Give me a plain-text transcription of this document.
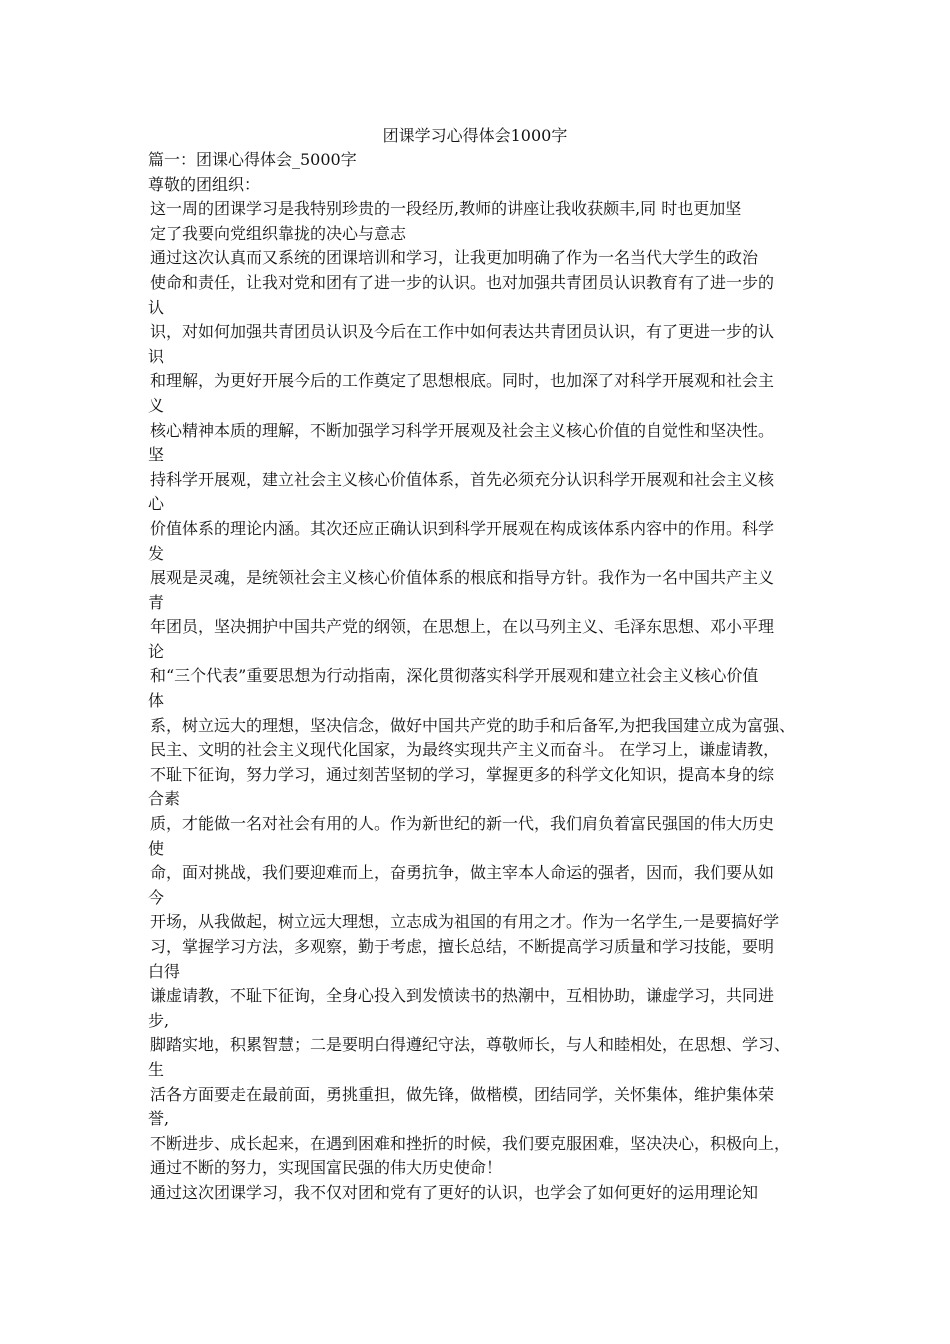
团课学习心得体会1000字
篇一：团课心得体会_5000字
尊敬的团组织：
这一周的团课学习是我特别珍贵的一段经历,教师的讲座让我收获颇丰,同 时也更加坚
定了我要向党组织靠拢的决心与意志
通过这次认真而又系统的团课培训和学习，让我更加明确了作为一名当代大学生的政治
使命和责任，让我对党和团有了进一步的认识。也对加强共青团员认识教育有了进一步的
认
识，对如何加强共青团员认识及今后在工作中如何表达共青团员认识，有了更进一步的认
识
和理解，为更好开展今后的工作奠定了思想根底。同时，也加深了对科学开展观和社会主
义
核心精神本质的理解，不断加强学习科学开展观及社会主义核心价值的自觉性和坚决性。
坚
持科学开展观，建立社会主义核心价值体系，首先必须充分认识科学开展观和社会主义核
心
价值体系的理论内涵。其次还应正确认识到科学开展观在构成该体系内容中的作用。科学
发
展观是灵魂，是统领社会主义核心价值体系的根底和指导方针。我作为一名中国共产主义
青
年团员，坚决拥护中国共产党的纲领，在思想上，在以马列主义、毛泽东思想、邓小平理
论
和“三个代表”重要思想为行动指南，深化贯彻落实科学开展观和建立社会主义核心价值
体
系，树立远大的理想，坚决信念，做好中国共产党的助手和后备军,为把我国建立成为富强、
民主、文明的社会主义现代化国家，为最终实现共产主义而奋斗。 在学习上，谦虚请教，
不耻下征询，努力学习，通过刻苦坚韧的学习，掌握更多的科学文化知识，提高本身的综
合素
质，才能做一名对社会有用的人。作为新世纪的新一代，我们肩负着富民强国的伟大历史
使
命，面对挑战，我们要迎难而上，奋勇抗争，做主宰本人命运的强者，因而，我们要从如
今
开场，从我做起，树立远大理想，立志成为祖国的有用之才。作为一名学生,一是要搞好学
习，掌握学习方法，多观察，勤于考虑，擅长总结，不断提高学习质量和学习技能，要明
白得
谦虚请教，不耻下征询，全身心投入到发愤读书的热潮中，互相协助，谦虚学习，共同进
步,
脚踏实地，积累智慧；二是要明白得遵纪守法，尊敬师长，与人和睦相处，在思想、学习、
生
活各方面要走在最前面，勇挑重担，做先锋，做楷模，团结同学，关怀集体，维护集体荣
誉,
不断进步、成长起来，在遇到困难和挫折的时候，我们要克服困难，坚决决心，积极向上，
通过不断的努力，实现国富民强的伟大历史使命！
通过这次团课学习，我不仅对团和党有了更好的认识，也学会了如何更好的运用理论知
